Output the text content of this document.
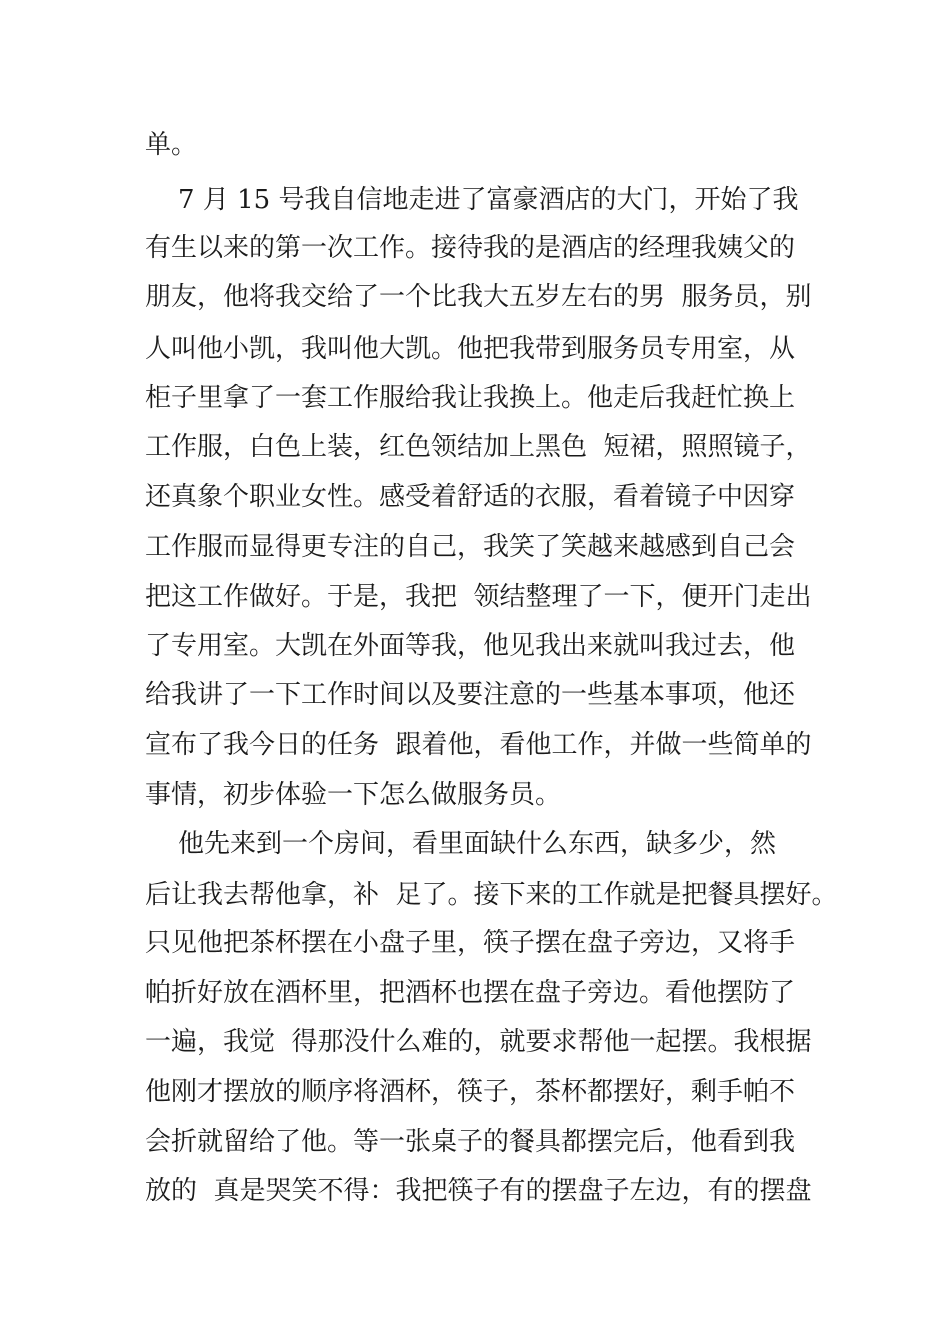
单。
7 月 15 号我自信地走进了富豪酒店的大门，开始了我
有生以来的第一次工作。接待我的是酒店的经理我姨父的
朋友，他将我交给了一个比我大五岁左右的男  服务员，别
人叫他小凯，我叫他大凯。他把我带到服务员专用室，从
柜子里拿了一套工作服给我让我换上。他走后我赶忙换上
工作服，白色上装，红色领结加上黑色  短裙，照照镜子，
还真象个职业女性。感受着舒适的衣服，看着镜子中因穿
工作服而显得更专注的自己，我笑了笑越来越感到自己会
把这工作做好。于是，我把  领结整理了一下，便开门走出
了专用室。大凯在外面等我，他见我出来就叫我过去，他
给我讲了一下工作时间以及要注意的一些基本事项，他还
宣布了我今日的任务  跟着他，看他工作，并做一些简单的
事情，初步体验一下怎么做服务员。
他先来到一个房间，看里面缺什么东西，缺多少，然
后让我去帮他拿，补  足了。接下来的工作就是把餐具摆好。
只见他把茶杯摆在小盘子里，筷子摆在盘子旁边，又将手
帕折好放在酒杯里，把酒杯也摆在盘子旁边。看他摆防了
一遍，我觉  得那没什么难的，就要求帮他一起摆。我根据
他刚才摆放的顺序将酒杯，筷子，茶杯都摆好，剩手帕不
会折就留给了他。等一张桌子的餐具都摆完后，他看到我
放的  真是哭笑不得：我把筷子有的摆盘子左边，有的摆盘
